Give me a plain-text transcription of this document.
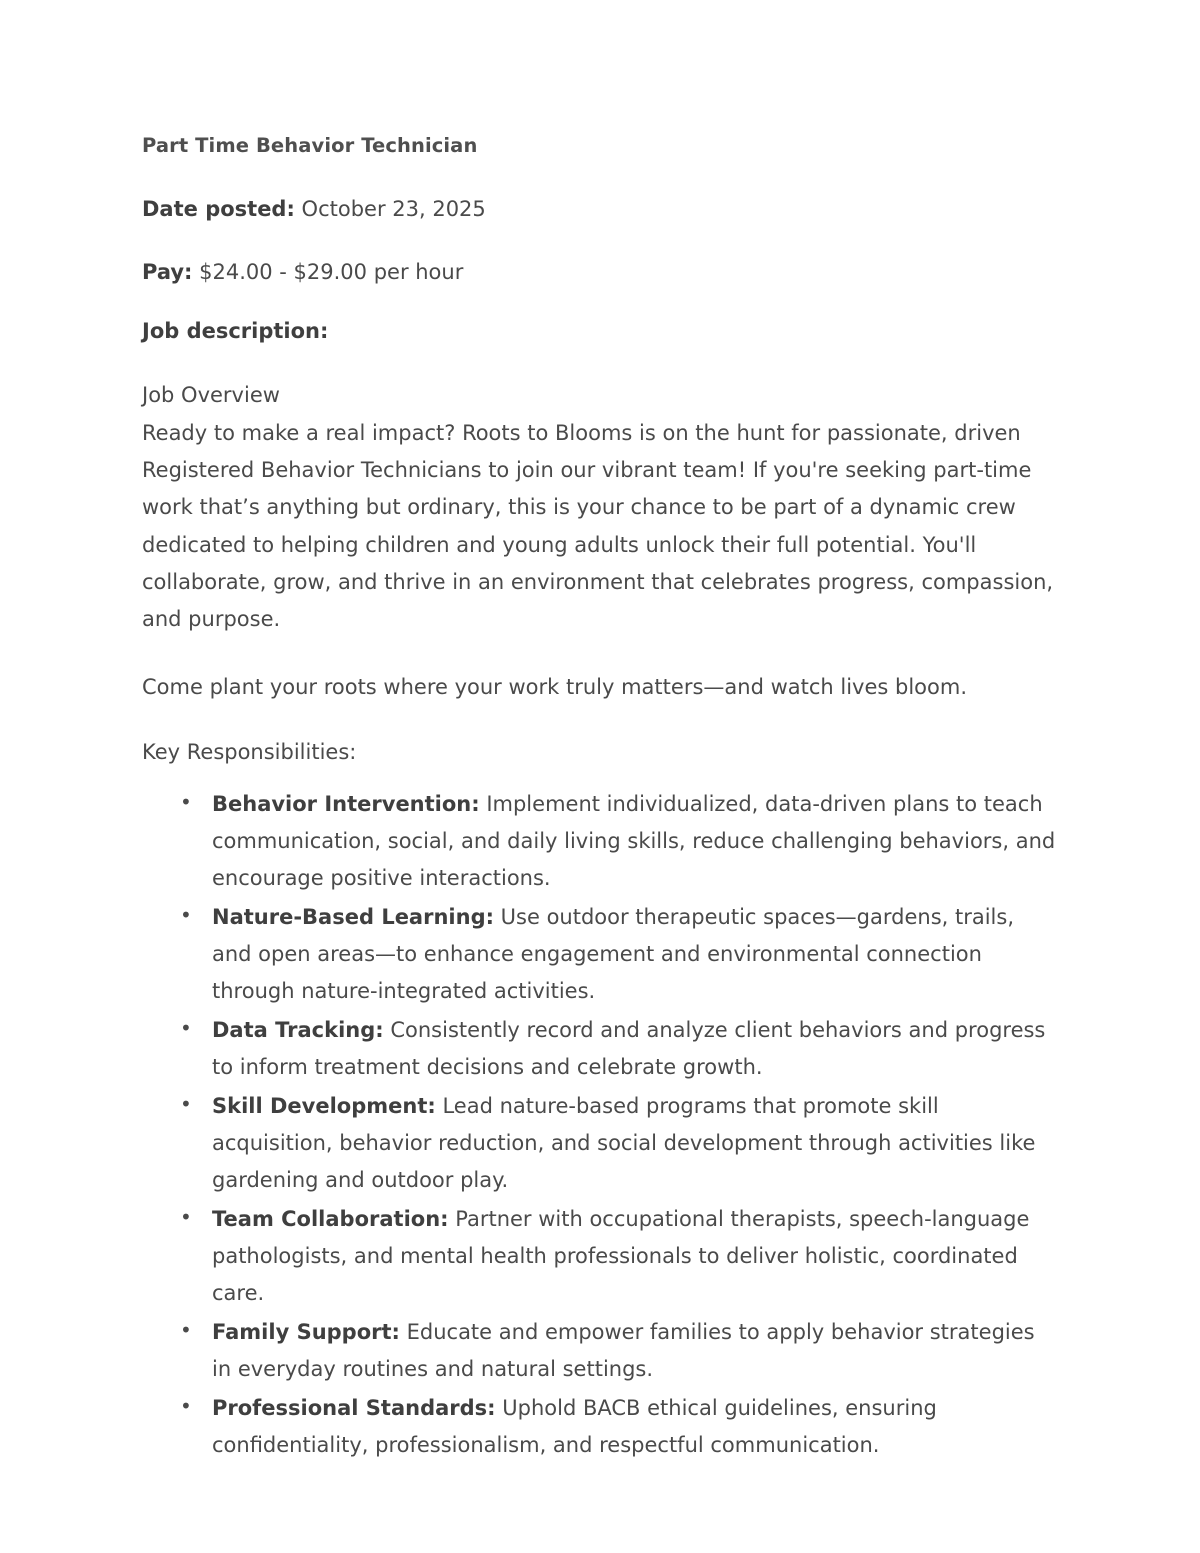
Part Time Behavior Technician

Date posted: October 23, 2025

Pay: $24.00 - $29.00 per hour

Job description:

Job Overview

Ready to make a real impact? Roots to Blooms is on the hunt for passionate, driven Registered Behavior Technicians to join our vibrant team! If you're seeking part-time work that’s anything but ordinary, this is your chance to be part of a dynamic crew dedicated to helping children and young adults unlock their full potential. You'll collaborate, grow, and thrive in an environment that celebrates progress, compassion, and purpose.

Come plant your roots where your work truly matters—and watch lives bloom.

Key Responsibilities:

• Behavior Intervention: Implement individualized, data-driven plans to teach communication, social, and daily living skills, reduce challenging behaviors, and encourage positive interactions.
• Nature-Based Learning: Use outdoor therapeutic spaces—gardens, trails, and open areas—to enhance engagement and environmental connection through nature-integrated activities.
• Data Tracking: Consistently record and analyze client behaviors and progress to inform treatment decisions and celebrate growth.
• Skill Development: Lead nature-based programs that promote skill acquisition, behavior reduction, and social development through activities like gardening and outdoor play.
• Team Collaboration: Partner with occupational therapists, speech-language pathologists, and mental health professionals to deliver holistic, coordinated care.
• Family Support: Educate and empower families to apply behavior strategies in everyday routines and natural settings.
• Professional Standards: Uphold BACB ethical guidelines, ensuring confidentiality, professionalism, and respectful communication.
